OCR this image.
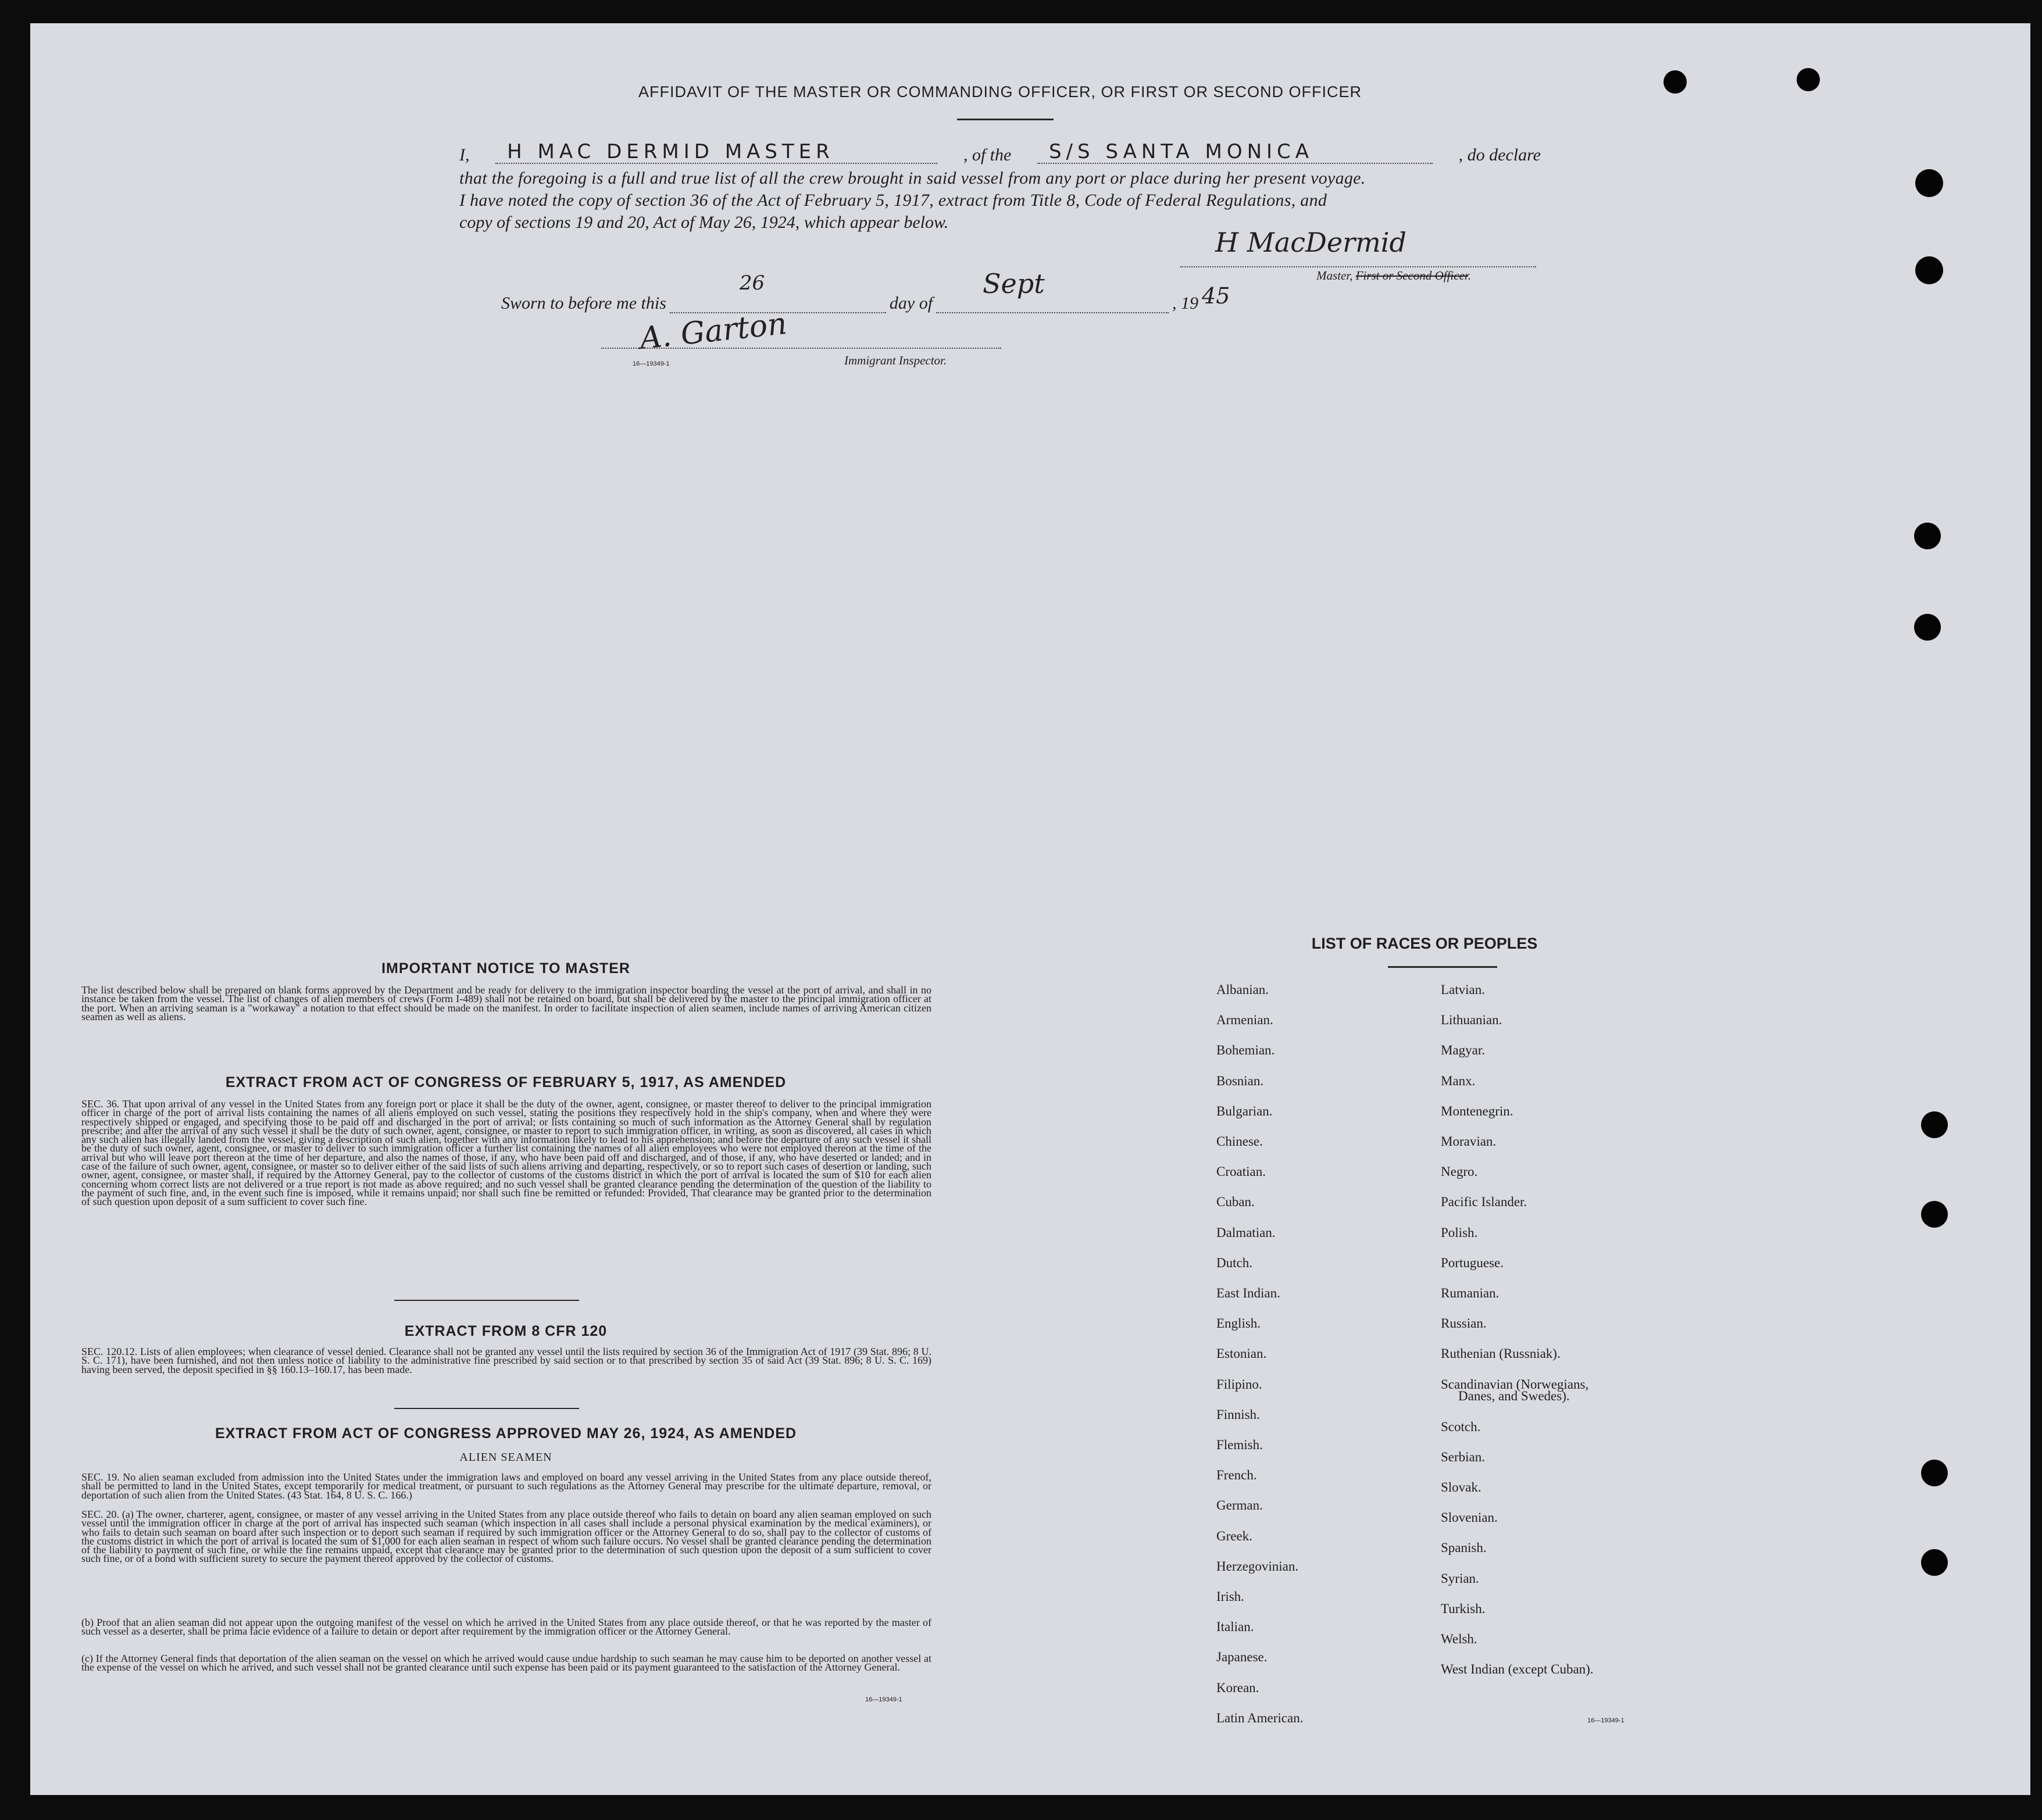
AFFIDAVIT OF THE MASTER OR COMMANDING OFFICER, OR FIRST OR SECOND OFFICER
I,	H MAC DERMID MASTER	, of the	S/S SANTA MONICA	, do declare
that the foregoing is a full and true list of all the crew brought in said vessel from any port or place during her present voyage.
I have noted the copy of section 36 of the Act of February 5, 1917, extract from Title 8, Code of Federal Regulations, and
copy of sections 19 and 20, Act of May 26, 1924, which appear below.
H MacDermid
Master, First or Second Officer.
Sworn to before me this
26
day of
Sept
, 19 45
A. Garton
16—19349-1	Immigrant Inspector.
IMPORTANT NOTICE TO MASTER
The list described below shall be prepared on blank forms approved by the Department and be ready for delivery to the immigration inspector boarding the vessel at the port of arrival, and shall in no instance be taken from the vessel. The list of changes of alien members of crews (Form I-489) shall not be retained on board, but shall be delivered by the master to the principal immigration officer at the port. When an arriving seaman is a "workaway" a notation to that effect should be made on the manifest. In order to facilitate inspection of alien seamen, include names of arriving American citizen seamen as well as aliens.
EXTRACT FROM ACT OF CONGRESS OF FEBRUARY 5, 1917, AS AMENDED
SEC. 36. That upon arrival of any vessel in the United States from any foreign port or place it shall be the duty of the owner, agent, consignee, or master thereof to deliver to the principal immigration officer in charge of the port of arrival lists containing the names of all aliens employed on such vessel, stating the positions they respectively hold in the ship's company, when and where they were respectively shipped or engaged, and specifying those to be paid off and discharged in the port of arrival; or lists containing so much of such information as the Attorney General shall by regulation prescribe; and after the arrival of any such vessel it shall be the duty of such owner, agent, consignee, or master to report to such immigration officer, in writing, as soon as discovered, all cases in which any such alien has illegally landed from the vessel, giving a description of such alien, together with any information likely to lead to his apprehension; and before the departure of any such vessel it shall be the duty of such owner, agent, consignee, or master to deliver to such immigration officer a further list containing the names of all alien employees who were not employed thereon at the time of the arrival but who will leave port thereon at the time of her departure, and also the names of those, if any, who have been paid off and discharged, and of those, if any, who have deserted or landed; and in case of the failure of such owner, agent, consignee, or master so to deliver either of the said lists of such aliens arriving and departing, respectively, or so to report such cases of desertion or landing, such owner, agent, consignee, or master shall, if required by the Attorney General, pay to the collector of customs of the customs district in which the port of arrival is located the sum of $10 for each alien concerning whom correct lists are not delivered or a true report is not made as above required; and no such vessel shall be granted clearance pending the determination of the question of the liability to the payment of such fine, and, in the event such fine is imposed, while it remains unpaid; nor shall such fine be remitted or refunded: Provided, That clearance may be granted prior to the determination of such question upon deposit of a sum sufficient to cover such fine.
EXTRACT FROM 8 CFR 120
SEC. 120.12. Lists of alien employees; when clearance of vessel denied. Clearance shall not be granted any vessel until the lists required by section 36 of the Immigration Act of 1917 (39 Stat. 896; 8 U. S. C. 171), have been furnished, and not then unless notice of liability to the administrative fine prescribed by said section or to that prescribed by section 35 of said Act (39 Stat. 896; 8 U. S. C. 169) having been served, the deposit specified in §§ 160.13–160.17, has been made.
EXTRACT FROM ACT OF CONGRESS APPROVED MAY 26, 1924, AS AMENDED
ALIEN SEAMEN
SEC. 19. No alien seaman excluded from admission into the United States under the immigration laws and employed on board any vessel arriving in the United States from any place outside thereof, shall be permitted to land in the United States, except temporarily for medical treatment, or pursuant to such regulations as the Attorney General may prescribe for the ultimate departure, removal, or deportation of such alien from the United States. (43 Stat. 164, 8 U. S. C. 166.)
SEC. 20. (a) The owner, charterer, agent, consignee, or master of any vessel arriving in the United States from any place outside thereof who fails to detain on board any alien seaman employed on such vessel until the immigration officer in charge at the port of arrival has inspected such seaman (which inspection in all cases shall include a personal physical examination by the medical examiners), or who fails to detain such seaman on board after such inspection or to deport such seaman if required by such immigration officer or the Attorney General to do so, shall pay to the collector of customs of the customs district in which the port of arrival is located the sum of $1,000 for each alien seaman in respect of whom such failure occurs. No vessel shall be granted clearance pending the determination of the liability to payment of such fine, or while the fine remains unpaid, except that clearance may be granted prior to the determination of such question upon the deposit of a sum sufficient to cover such fine, or of a bond with sufficient surety to secure the payment thereof approved by the collector of customs.
(b) Proof that an alien seaman did not appear upon the outgoing manifest of the vessel on which he arrived in the United States from any place outside thereof, or that he was reported by the master of such vessel as a deserter, shall be prima facie evidence of a failure to detain or deport after requirement by the immigration officer or the Attorney General.
(c) If the Attorney General finds that deportation of the alien seaman on the vessel on which he arrived would cause undue hardship to such seaman he may cause him to be deported on another vessel at the expense of the vessel on which he arrived, and such vessel shall not be granted clearance until such expense has been paid or its payment guaranteed to the satisfaction of the Attorney General.
16—19349-1
LIST OF RACES OR PEOPLES
Albanian.
Armenian.
Bohemian.
Bosnian.
Bulgarian.
Chinese.
Croatian.
Cuban.
Dalmatian.
Dutch.
East Indian.
English.
Estonian.
Filipino.
Finnish.
Flemish.
French.
German.
Greek.
Herzegovinian.
Irish.
Italian.
Japanese.
Korean.
Latin American.
Latvian.
Lithuanian.
Magyar.
Manx.
Montenegrin.
Moravian.
Negro.
Pacific Islander.
Polish.
Portuguese.
Rumanian.
Russian.
Ruthenian (Russniak).
Scandinavian (Norwegians,
Danes, and Swedes).
Scotch.
Serbian.
Slovak.
Slovenian.
Spanish.
Syrian.
Turkish.
Welsh.
West Indian (except Cuban).
16—19349-1
